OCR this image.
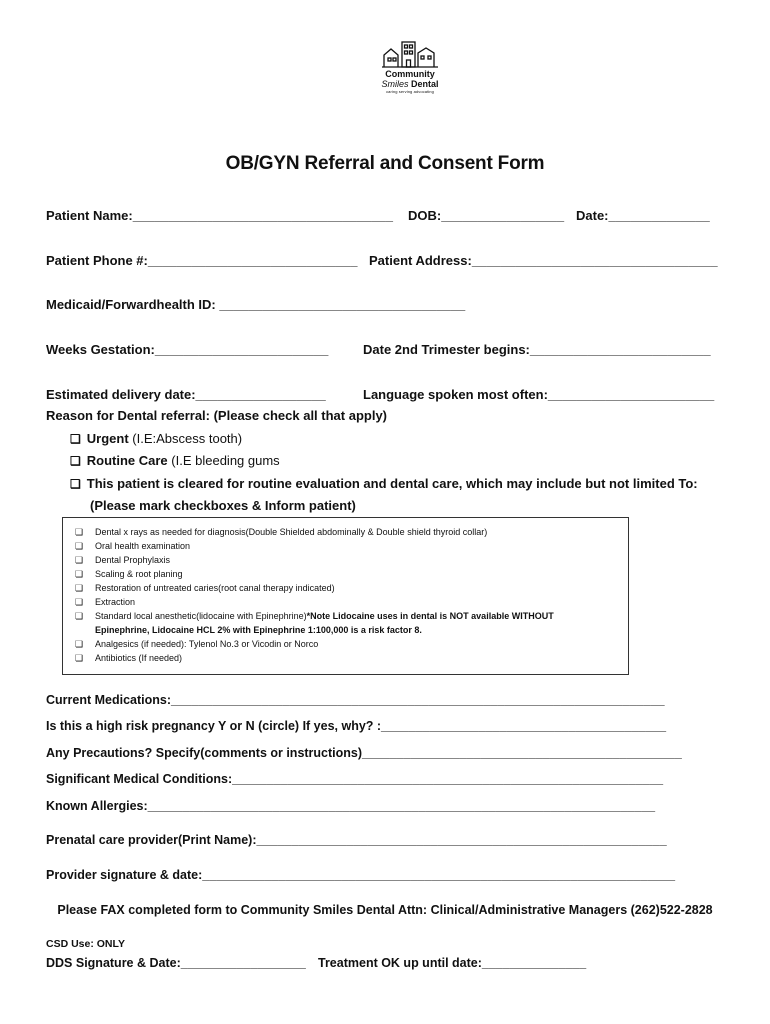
Community
Smiles Dental
caring serving advocating
OB/GYN Referral and Consent Form
Patient Name:____________________________________ DOB:_________________ Date:______________
Patient Phone #:_____________________________ Patient Address:__________________________________
Medicaid/Forwardhealth ID: __________________________________
Weeks Gestation:________________________	Date 2nd Trimester begins:_________________________
Estimated delivery date:__________________	Language spoken most often:_______________________
Reason for Dental referral: (Please check all that apply)
❏ Urgent (I.E:Abscess tooth)
❏ Routine Care (I.E bleeding gums
❏ This patient is cleared for routine evaluation and dental care, which may include but not limited To:
(Please mark checkboxes & Inform patient)
❏ Dental x rays as needed for diagnosis(Double Shielded abdominally & Double shield thyroid collar)
❏ Oral health examination
❏ Dental Prophylaxis
❏ Scaling & root planing
❏ Restoration of untreated caries(root canal therapy indicated)
❏ Extraction
❏ Standard local anesthetic(lidocaine with Epinephrine)*Note Lidocaine uses in dental is NOT available WITHOUT
Epinephrine, Lidocaine HCL 2% with Epinephrine 1:100,000 is a risk factor 8.
❏ Analgesics (if needed): Tylenol No.3 or Vicodin or Norco
❏ Antibiotics (If needed)
Current Medications:_______________________________________________________________________
Is this a high risk pregnancy Y or N (circle) If yes, why? :_________________________________________
Any Precautions? Specify(comments or instructions)______________________________________________
Significant Medical Conditions:______________________________________________________________
Known Allergies:_________________________________________________________________________
Prenatal care provider(Print Name):___________________________________________________________
Provider signature & date:____________________________________________________________________
Please FAX completed form to Community Smiles Dental Attn: Clinical/Administrative Managers (262)522-2828
CSD Use: ONLY
DDS Signature & Date:__________________ Treatment OK up until date:_______________
